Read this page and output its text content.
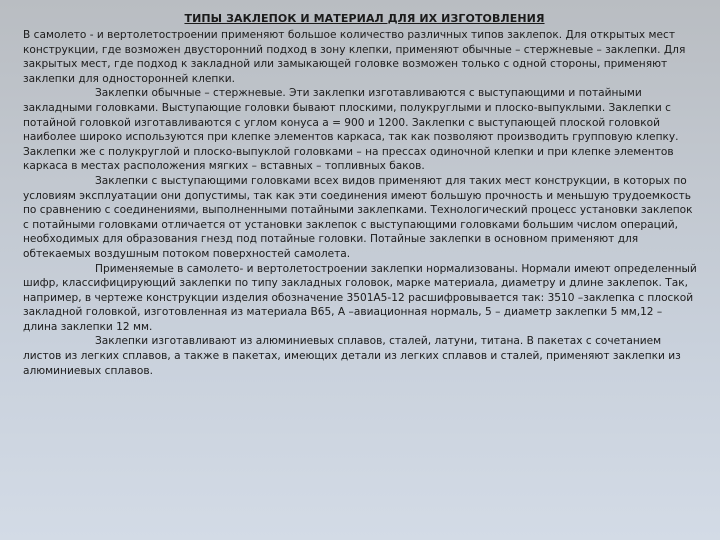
ТИПЫ ЗАКЛЕПОК И МАТЕРИАЛ ДЛЯ ИХ ИЗГОТОВЛЕНИЯ

В самолето - и вертолетостроении применяют большое количество различных типов заклепок. Для открытых мест конструкции, где возможен двусторонний подход в зону клепки, применяют обычные – стержневые – заклепки. Для закрытых мест, где подход к закладной или замыкающей головке возможен только с одной стороны, применяют заклепки для односторонней клепки.

Заклепки обычные – стержневые. Эти заклепки изготавливаются с выступающими и потайными закладными головками. Выступающие головки бывают плоскими, полукруглыми и плоско-выпуклыми. Заклепки с потайной головкой изготавливаются с углом конуса a = 900 и 1200. Заклепки с выступающей плоской головкой наиболее широко используются при клепке элементов каркаса, так как позволяют производить групповую клепку. Заклепки же с полукруглой и плоско-выпуклой головками – на прессах одиночной клепки и при клепке элементов каркаса в местах расположения мягких – вставных – топливных баков.

Заклепки с выступающими головками всех видов применяют для таких мест конструкции, в которых по условиям эксплуатации они допустимы, так как эти соединения имеют большую прочность и меньшую трудоемкость по сравнению с соединениями, выполненными потайными заклепками. Технологический процесс установки заклепок с потайными головками отличается от установки заклепок с выступающими головками большим числом операций, необходимых для образования гнезд под потайные головки. Потайные заклепки в основном применяют для обтекаемых воздушным потоком поверхностей самолета.

Применяемые в самолето- и вертолетостроении заклепки нормализованы. Нормали имеют определенный шифр, классифицирующий заклепки по типу закладных головок, марке материала, диаметру и длине заклепок. Так, например, в чертеже конструкции изделия обозначение 3501А5-12 расшифровывается так: 3510 –заклепка с плоской закладной головкой, изготовленная из материала В65, А –авиационная нормаль, 5 – диаметр заклепки 5 мм,12 – длина заклепки 12 мм.

Заклепки изготавливают из алюминиевых сплавов, сталей, латуни, титана. В пакетах с сочетанием листов из легких сплавов, а также в пакетах, имеющих детали из легких сплавов и сталей, применяют заклепки из алюминиевых сплавов.
